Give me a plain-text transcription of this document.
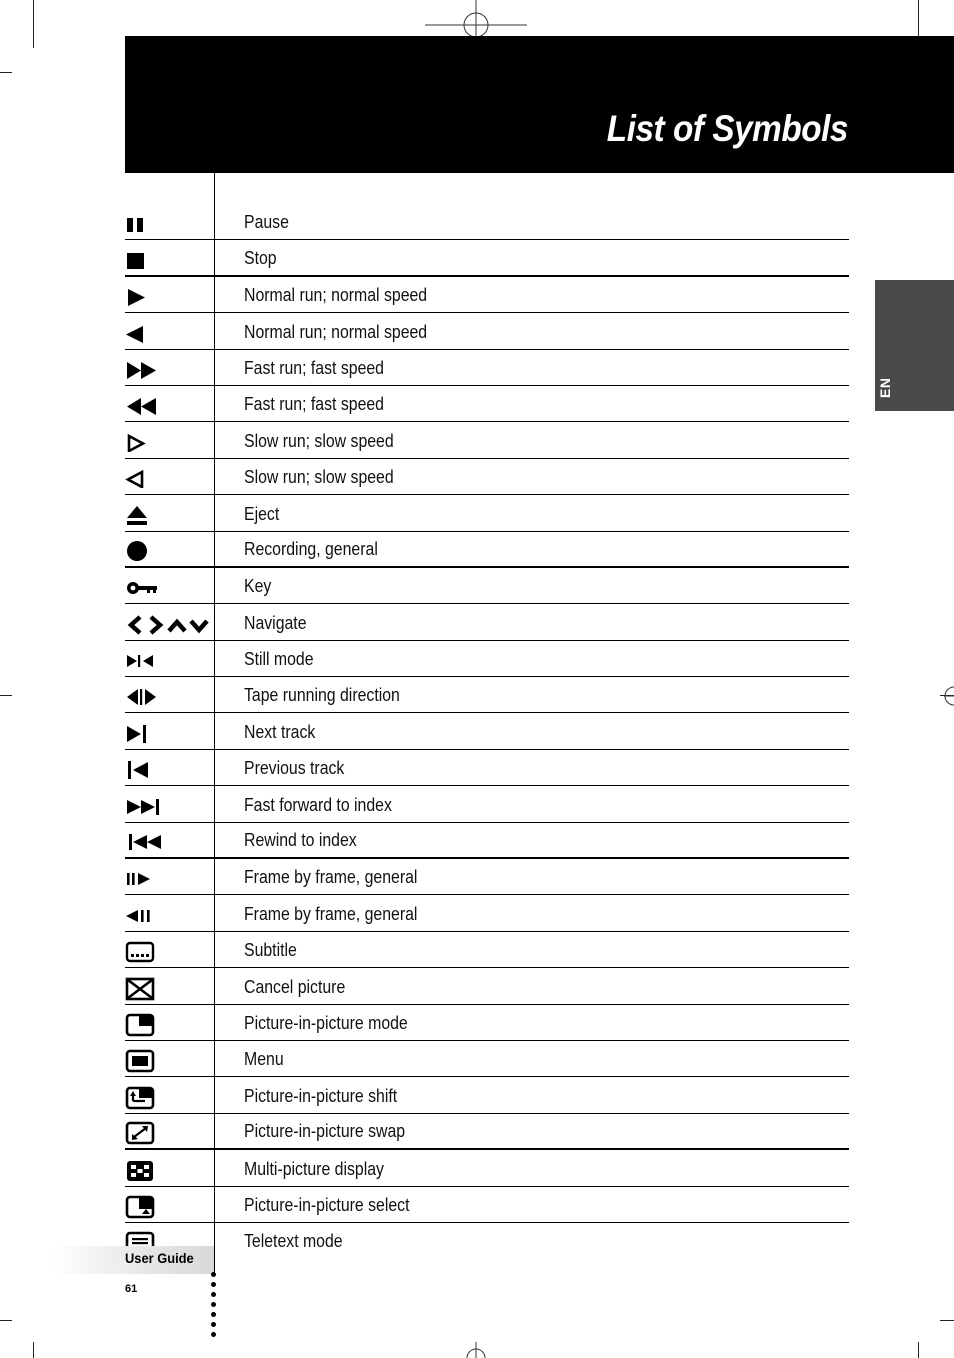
List of Symbols
EN
Pause
Stop
Normal run; normal speed
Normal run; normal speed
Fast run; fast speed
Fast run; fast speed
Slow run; slow speed
Slow run; slow speed
Eject
Recording, general
Key
Navigate
Still mode
Tape running direction
Next track
Previous track
Fast forward to index
Rewind to index
Frame by frame, general
Frame by frame, general
Subtitle
Cancel picture
Picture-in-picture mode
Menu
Picture-in-picture shift
Picture-in-picture swap
Multi-picture display
Picture-in-picture select
Teletext mode
User Guide
61
